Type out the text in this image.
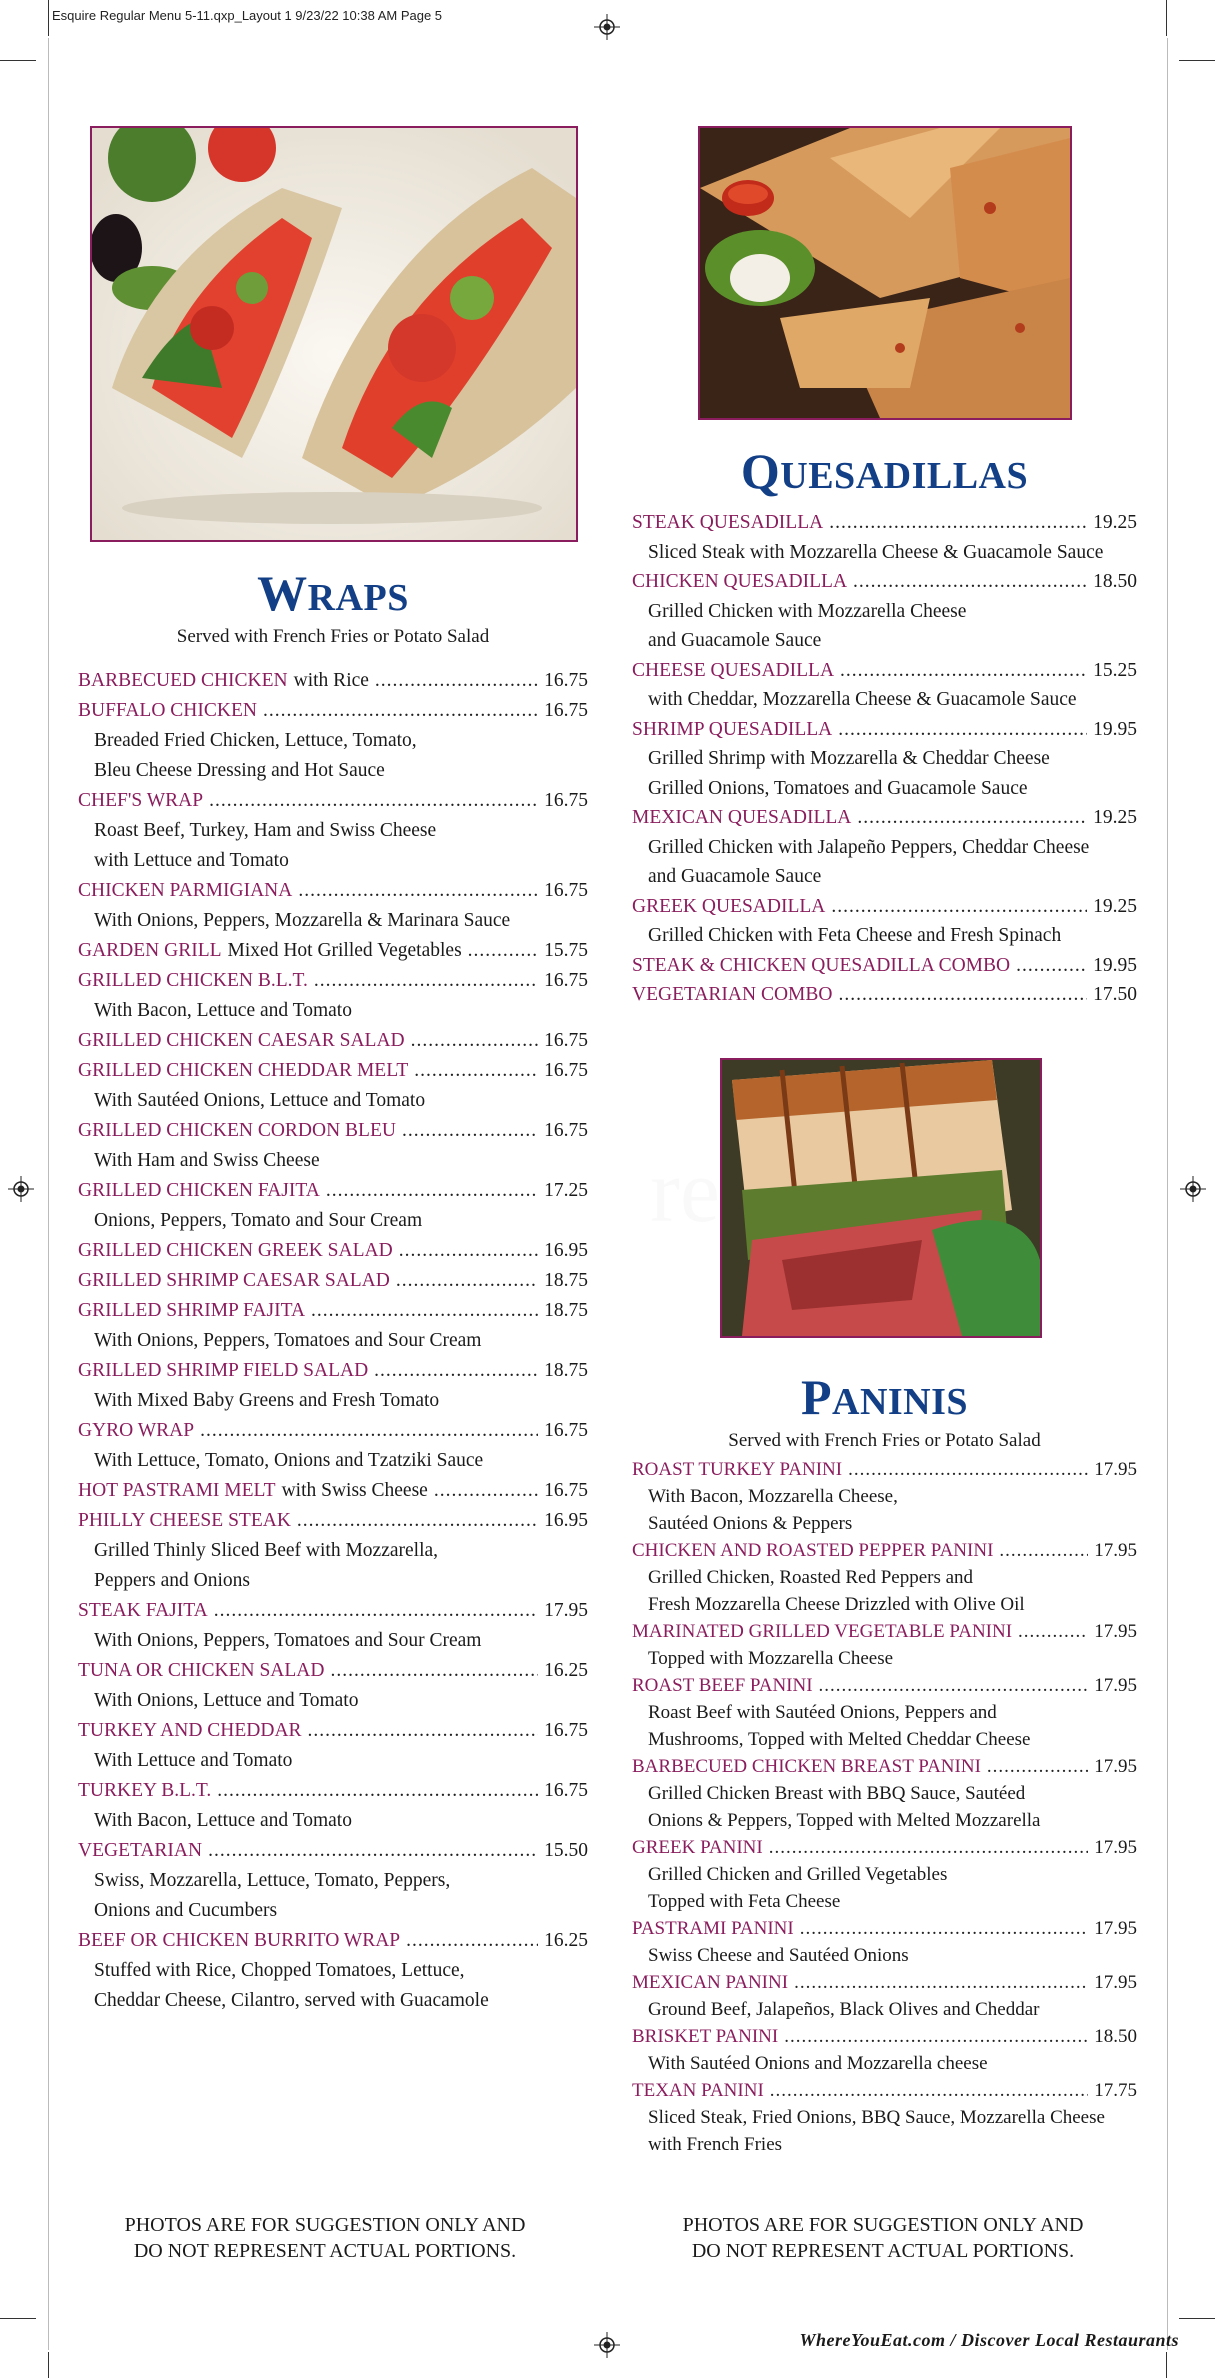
Esquire Regular Menu 5-11.qxp_Layout 1 9/23/22 10:38 AM Page 5
WRAPS

Served with French Fries or Potato Salad

BARBECUED CHICKEN with Rice .....	16.75
BUFFALO CHICKEN .....	16.75
Breaded Fried Chicken, Lettuce, Tomato,
Bleu Cheese Dressing and Hot Sauce
CHEF'S WRAP .....	16.75
Roast Beef, Turkey, Ham and Swiss Cheese
with Lettuce and Tomato
CHICKEN PARMIGIANA .....	16.75
With Onions, Peppers, Mozzarella & Marinara Sauce
GARDEN GRILL Mixed Hot Grilled Vegetables .....	15.75
GRILLED CHICKEN B.L.T. .....	16.75
With Bacon, Lettuce and Tomato
GRILLED CHICKEN CAESAR SALAD .....	16.75
GRILLED CHICKEN CHEDDAR MELT .....	16.75
With Sautéed Onions, Lettuce and Tomato
GRILLED CHICKEN CORDON BLEU .....	16.75
With Ham and Swiss Cheese
GRILLED CHICKEN FAJITA .....	17.25
Onions, Peppers, Tomato and Sour Cream
GRILLED CHICKEN GREEK SALAD .....	16.95
GRILLED SHRIMP CAESAR SALAD .....	18.75
GRILLED SHRIMP FAJITA .....	18.75
With Onions, Peppers, Tomatoes and Sour Cream
GRILLED SHRIMP FIELD SALAD .....	18.75
With Mixed Baby Greens and Fresh Tomato
GYRO WRAP .....	16.75
With Lettuce, Tomato, Onions and Tzatziki Sauce
HOT PASTRAMI MELT with Swiss Cheese .....	16.75
PHILLY CHEESE STEAK .....	16.95
Grilled Thinly Sliced Beef with Mozzarella,
Peppers and Onions
STEAK FAJITA .....	17.95
With Onions, Peppers, Tomatoes and Sour Cream
TUNA OR CHICKEN SALAD .....	16.25
With Onions, Lettuce and Tomato
TURKEY AND CHEDDAR .....	16.75
With Lettuce and Tomato
TURKEY B.L.T. .....	16.75
With Bacon, Lettuce and Tomato
VEGETARIAN .....	15.50
Swiss, Mozzarella, Lettuce, Tomato, Peppers,
Onions and Cucumbers
BEEF OR CHICKEN BURRITO WRAP .....	16.25
Stuffed with Rice, Chopped Tomatoes, Lettuce,
Cheddar Cheese, Cilantro, served with Guacamole
QUESADILLAS
STEAK QUESADILLA .....	19.25
Sliced Steak with Mozzarella Cheese & Guacamole Sauce
CHICKEN QUESADILLA .....	18.50
Grilled Chicken with Mozzarella Cheese
and Guacamole Sauce
CHEESE QUESADILLA .....	15.25
with Cheddar, Mozzarella Cheese & Guacamole Sauce
SHRIMP QUESADILLA .....	19.95
Grilled Shrimp with Mozzarella & Cheddar Cheese
Grilled Onions, Tomatoes and Guacamole Sauce
MEXICAN QUESADILLA .....	19.25
Grilled Chicken with Jalapeño Peppers, Cheddar Cheese
and Guacamole Sauce
GREEK QUESADILLA .....	19.25
Grilled Chicken with Feta Cheese and Fresh Spinach
STEAK & CHICKEN QUESADILLA COMBO .....	19.95
VEGETARIAN COMBO .....	17.50
PANINIS

Served with French Fries or Potato Salad

ROAST TURKEY PANINI .....	17.95
With Bacon, Mozzarella Cheese,
Sautéed Onions & Peppers
CHICKEN AND ROASTED PEPPER PANINI .....	17.95
Grilled Chicken, Roasted Red Peppers and
Fresh Mozzarella Cheese Drizzled with Olive Oil
MARINATED GRILLED VEGETABLE PANINI .....	17.95
Topped with Mozzarella Cheese
ROAST BEEF PANINI .....	17.95
Roast Beef with Sautéed Onions, Peppers and
Mushrooms, Topped with Melted Cheddar Cheese
BARBECUED CHICKEN BREAST PANINI .....	17.95
Grilled Chicken Breast with BBQ Sauce, Sautéed
Onions & Peppers, Topped with Melted Mozzarella
GREEK PANINI .....	17.95
Grilled Chicken and Grilled Vegetables
Topped with Feta Cheese
PASTRAMI PANINI .....	17.95
Swiss Cheese and Sautéed Onions
MEXICAN PANINI .....	17.95
Ground Beef, Jalapeños, Black Olives and Cheddar
BRISKET PANINI .....	18.50
With Sautéed Onions and Mozzarella cheese
TEXAN PANINI .....	17.75
Sliced Steak, Fried Onions, BBQ Sauce, Mozzarella Cheese
with French Fries
PHOTOS ARE FOR SUGGESTION ONLY AND
DO NOT REPRESENT ACTUAL PORTIONS.
PHOTOS ARE FOR SUGGESTION ONLY AND
DO NOT REPRESENT ACTUAL PORTIONS.
WhereYouEat.com / Discover Local Restaurants
